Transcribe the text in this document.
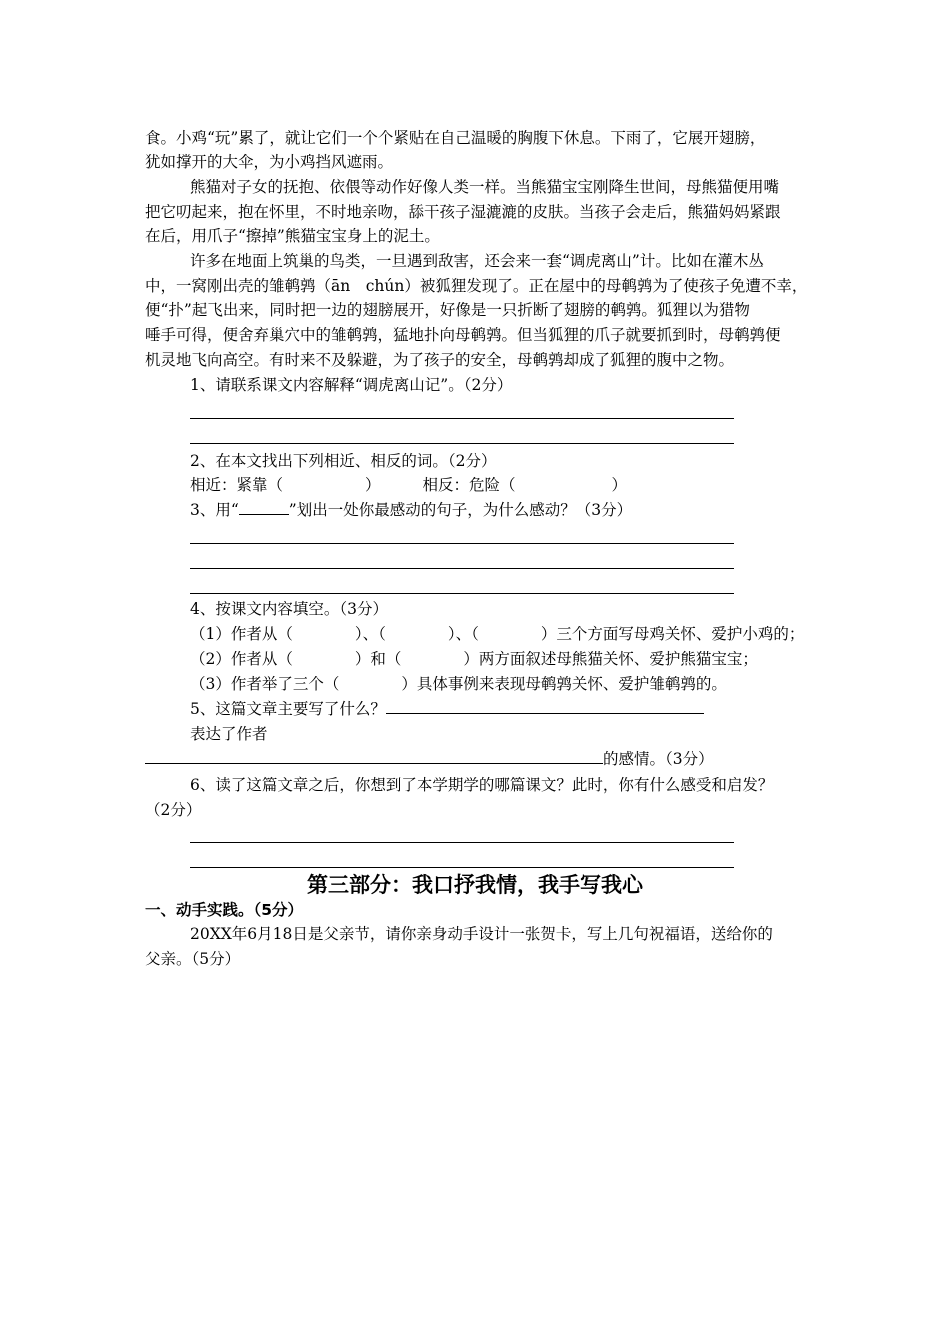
食。小鸡“玩”累了，就让它们一个个紧贴在自己温暖的胸腹下休息。下雨了，它展开翅膀，
犹如撑开的大伞，为小鸡挡风遮雨。
熊猫对子女的抚抱、依偎等动作好像人类一样。当熊猫宝宝刚降生世间，母熊猫便用嘴
把它叨起来，抱在怀里，不时地亲吻，舔干孩子湿漉漉的皮肤。当孩子会走后，熊猫妈妈紧跟
在后，用爪子“擦掉”熊猫宝宝身上的泥土。
许多在地面上筑巢的鸟类，一旦遇到敌害，还会来一套“调虎离山”计。比如在灌木丛
中，一窝刚出壳的雏鹌鹑（ān　chún）被狐狸发现了。正在屋中的母鹌鹑为了使孩子免遭不幸，
便“扑”起飞出来，同时把一边的翅膀展开，好像是一只折断了翅膀的鹌鹑。狐狸以为猎物
唾手可得，便舍弃巢穴中的雏鹌鹑，猛地扑向母鹌鹑。但当狐狸的爪子就要抓到时，母鹌鹑便
机灵地飞向高空。有时来不及躲避，为了孩子的安全，母鹌鹑却成了狐狸的腹中之物。
1、请联系课文内容解释“调虎离山记”。（2分）
2、在本文找出下列相近、相反的词。（2分）
相近：紧靠（	）	相反：危险（	）
3、用“	”划出一处你最感动的句子，为什么感动？（3分）
4、按课文内容填空。（3分）
（1）作者从（　　　　）、（　　　　）、（　　　　）三个方面写母鸡关怀、爱护小鸡的；
（2）作者从（　　　　）和（　　　　）两方面叙述母熊猫关怀、爱护熊猫宝宝；
（3）作者举了三个（　　　　）具体事例来表现母鹌鹑关怀、爱护雏鹌鹑的。
5、这篇文章主要写了什么？
表达了作者
的感情。（3分）
6、读了这篇文章之后，你想到了本学期学的哪篇课文？此时，你有什么感受和启发？
（2分）
第三部分：我口抒我情，我手写我心
一、动手实践。（5分）
20XX年6月18日是父亲节，请你亲身动手设计一张贺卡，写上几句祝福语，送给你的
父亲。（5分）
